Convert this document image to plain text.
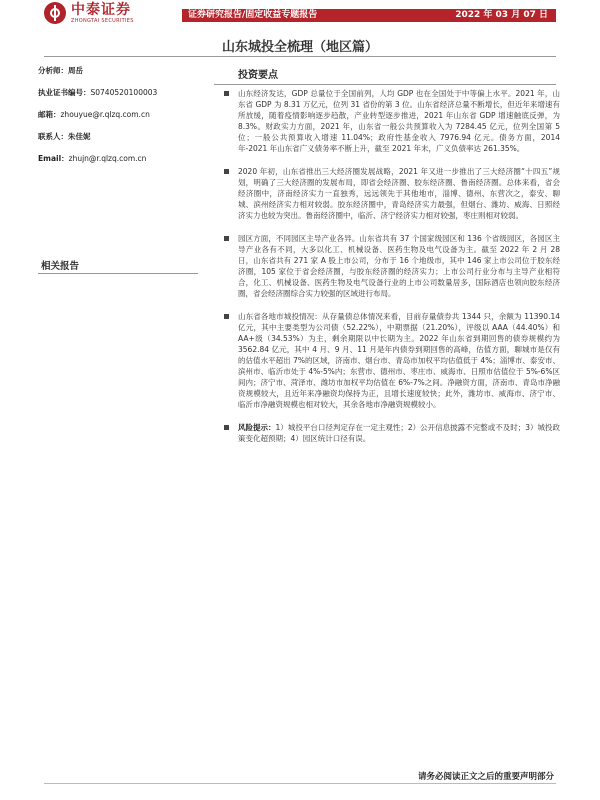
中泰证券
ZHONGTAI SECURITIES
证券研究报告/固定收益专题报告	2022 年 03 月 07 日
山东城投全梳理（地区篇）
分析师：周岳
执业证书编号：S0740520100003
邮箱：zhouyue@r.qlzq.com.cn
联系人：朱佳妮
Email：zhujn@r.qlzq.com.cn
相关报告
投资要点
山东经济发达，GDP 总量位于全国前列，人均 GDP 也在全国处于中等偏上水平。2021 年，山东省 GDP 为 8.31 万亿元，位列 31 省份的第 3 位。山东省经济总量不断增长，但近年来增速有所放缓，随着疫情影响逐步趋散，产业转型逐步推进，2021 年山东省 GDP 增速触底反弹，为 8.3%。财政实力方面，2021 年，山东省一般公共预算收入为 7284.45 亿元，位列全国第 5 位；一般公共预算收入增速 11.04%；政府性基金收入 7976.94 亿元。债务方面，2014 年-2021 年山东省广义债务率不断上升，截至 2021 年末，广义负债率达 261.35%。
2020 年初，山东省推出三大经济圈发展战略，2021 年又进一步推出了三大经济圈“十四五”规划，明确了三大经济圈的发展布局，即省会经济圈、胶东经济圈、鲁南经济圈。总体来看，省会经济圈中，济南经济实力一直独秀，远远领先于其他地市，淄博、德州、东营次之，泰安、聊城、滨州经济实力相对较弱。胶东经济圈中，青岛经济实力最强，但烟台、潍坊、威海、日照经济实力也较为突出。鲁南经济圈中，临沂、济宁经济实力相对较强，枣庄则相对较弱。
园区方面，不同园区主导产业各异。山东省共有 37 个国家级园区和 136 个省级园区，各园区主导产业各有不同，大多以化工、机械设备、医药生物及电气设备为主。截至 2022 年 2 月 28 日，山东省共有 271 家 A 股上市公司，分布于 16 个地级市，其中 146 家上市公司位于胶东经济圈，105 家位于省会经济圈，与胶东经济圈的经济实力；上市公司行业分布与主导产业相符合，化工、机械设备、医药生物及电气设备行业的上市公司数量居多，国际酒店也领向胶东经济圈，省会经济圈综合实力较强的区域进行布局。
山东省各地市城投情况：从存量债总体情况来看，目前存量债券共 1344 只，余额为 11390.14 亿元，其中主要类型为公司债（52.22%），中期票据（21.20%），评级以 AAA（44.40%）和 AA+级（34.53%）为主，剩余期限以中长期为主。2022 年山东省到期回售的债券规模约为 3562.84 亿元，其中 4 月、9 月、11 月是年内债券到期回售的高峰，估值方面，聊城市是仅有的估值水平超出 7%的区域，济南市、烟台市、青岛市加权平均估值低于 4%；淄博市、泰安市、滨州市、临沂市处于 4%-5%内；东营市、德州市、枣庄市、威海市、日照市估值位于 5%-6%区间内；济宁市、菏泽市、潍坊市加权平均估值在 6%-7%之间。净融资方面，济南市、青岛市净融资规模较大，且近年来净融资均保持为正，且增长速度较快；此外，潍坊市、威海市、济宁市、临沂市净融资规模也相对较大，其余各地市净融资规模较小。
风险提示：1）城投平台口径判定存在一定主观性；2）公开信息披露不完整或不及时；3）城投政策变化超预期；4）园区统计口径有误。
请务必阅读正文之后的重要声明部分
